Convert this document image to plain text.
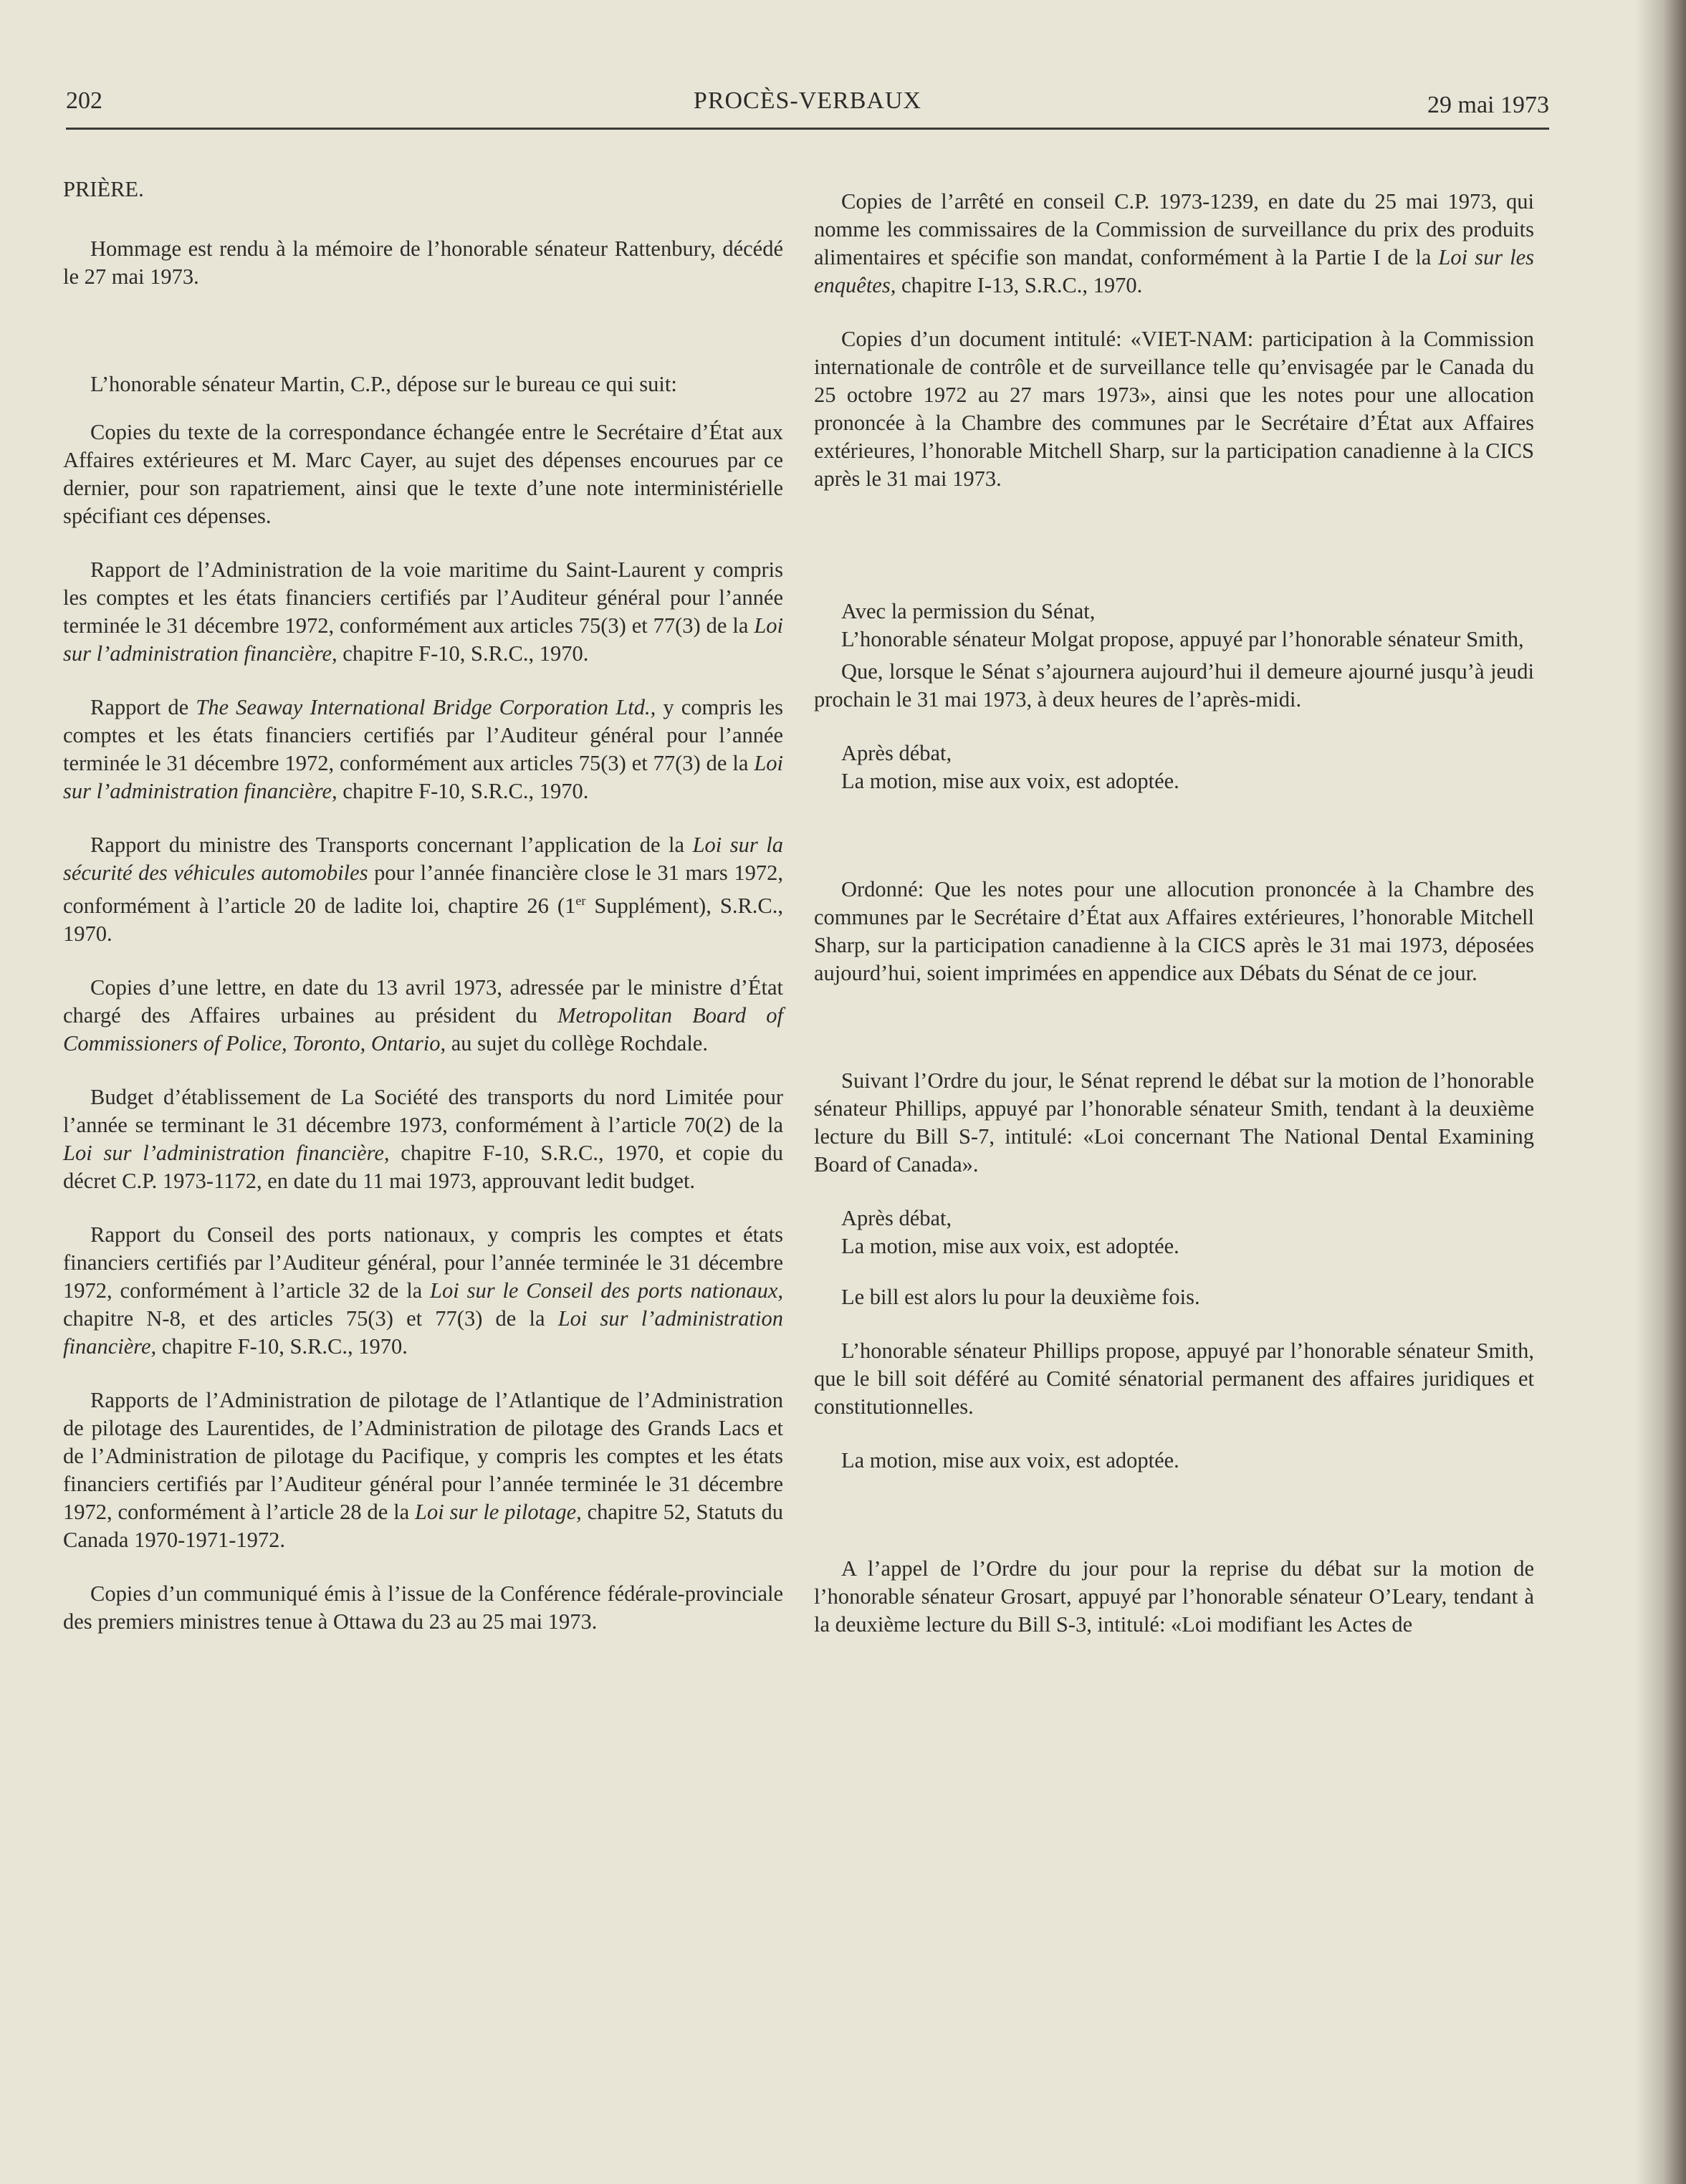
202	PROCÈS-VERBAUX	29 mai 1973

PRIÈRE.

Hommage est rendu à la mémoire de l’honorable sénateur Rattenbury, décédé le 27 mai 1973.

L’honorable sénateur Martin, C.P., dépose sur le bureau ce qui suit:

Copies du texte de la correspondance échangée entre le Secrétaire d’État aux Affaires extérieures et M. Marc Cayer, au sujet des dépenses encourues par ce dernier, pour son rapatriement, ainsi que le texte d’une note interministérielle spécifiant ces dépenses.

Rapport de l’Administration de la voie maritime du Saint-Laurent y compris les comptes et les états financiers certifiés par l’Auditeur général pour l’année terminée le 31 décembre 1972, conformément aux articles 75(3) et 77(3) de la Loi sur l’administration financière, chapitre F-10, S.R.C., 1970.

Rapport de The Seaway International Bridge Corporation Ltd., y compris les comptes et les états financiers certifiés par l’Auditeur général pour l’année terminée le 31 décembre 1972, conformément aux articles 75(3) et 77(3) de la Loi sur l’administration financière, chapitre F-10, S.R.C., 1970.

Rapport du ministre des Transports concernant l’application de la Loi sur la sécurité des véhicules automobiles pour l’année financière close le 31 mars 1972, conformément à l’article 20 de ladite loi, chaptire 26 (1er Supplément), S.R.C., 1970.

Copies d’une lettre, en date du 13 avril 1973, adressée par le ministre d’État chargé des Affaires urbaines au président du Metropolitan Board of Commissioners of Police, Toronto, Ontario, au sujet du collège Rochdale.

Budget d’établissement de La Société des transports du nord Limitée pour l’année se terminant le 31 décembre 1973, conformément à l’article 70(2) de la Loi sur l’administration financière, chapitre F-10, S.R.C., 1970, et copie du décret C.P. 1973-1172, en date du 11 mai 1973, approuvant ledit budget.

Rapport du Conseil des ports nationaux, y compris les comptes et états financiers certifiés par l’Auditeur général, pour l’année terminée le 31 décembre 1972, conformément à l’article 32 de la Loi sur le Conseil des ports nationaux, chapitre N-8, et des articles 75(3) et 77(3) de la Loi sur l’administration financière, chapitre F-10, S.R.C., 1970.

Rapports de l’Administration de pilotage de l’Atlantique de l’Administration de pilotage des Laurentides, de l’Administration de pilotage des Grands Lacs et de l’Administration de pilotage du Pacifique, y compris les comptes et les états financiers certifiés par l’Auditeur général pour l’année terminée le 31 décembre 1972, conformément à l’article 28 de la Loi sur le pilotage, chapitre 52, Statuts du Canada 1970-1971-1972.

Copies d’un communiqué émis à l’issue de la Conférence fédérale-provinciale des premiers ministres tenue à Ottawa du 23 au 25 mai 1973.

Copies de l’arrêté en conseil C.P. 1973-1239, en date du 25 mai 1973, qui nomme les commissaires de la Commission de surveillance du prix des produits alimentaires et spécifie son mandat, conformément à la Partie I de la Loi sur les enquêtes, chapitre I-13, S.R.C., 1970.

Copies d’un document intitulé: «VIET-NAM: participation à la Commission internationale de contrôle et de surveillance telle qu’envisagée par le Canada du 25 octobre 1972 au 27 mars 1973», ainsi que les notes pour une allocation prononcée à la Chambre des communes par le Secrétaire d’État aux Affaires extérieures, l’honorable Mitchell Sharp, sur la participation canadienne à la CICS après le 31 mai 1973.

Avec la permission du Sénat,

L’honorable sénateur Molgat propose, appuyé par l’honorable sénateur Smith,

Que, lorsque le Sénat s’ajournera aujourd’hui il demeure ajourné jusqu’à jeudi prochain le 31 mai 1973, à deux heures de l’après-midi.

Après débat,
La motion, mise aux voix, est adoptée.

Ordonné: Que les notes pour une allocution prononcée à la Chambre des communes par le Secrétaire d’État aux Affaires extérieures, l’honorable Mitchell Sharp, sur la participation canadienne à la CICS après le 31 mai 1973, déposées aujourd’hui, soient imprimées en appendice aux Débats du Sénat de ce jour.

Suivant l’Ordre du jour, le Sénat reprend le débat sur la motion de l’honorable sénateur Phillips, appuyé par l’honorable sénateur Smith, tendant à la deuxième lecture du Bill S-7, intitulé: «Loi concernant The National Dental Examining Board of Canada».

Après débat,
La motion, mise aux voix, est adoptée.

Le bill est alors lu pour la deuxième fois.

L’honorable sénateur Phillips propose, appuyé par l’honorable sénateur Smith, que le bill soit déféré au Comité sénatorial permanent des affaires juridiques et constitutionnelles.

La motion, mise aux voix, est adoptée.

A l’appel de l’Ordre du jour pour la reprise du débat sur la motion de l’honorable sénateur Grosart, appuyé par l’honorable sénateur O’Leary, tendant à la deuxième lecture du Bill S-3, intitulé: «Loi modifiant les Actes de
